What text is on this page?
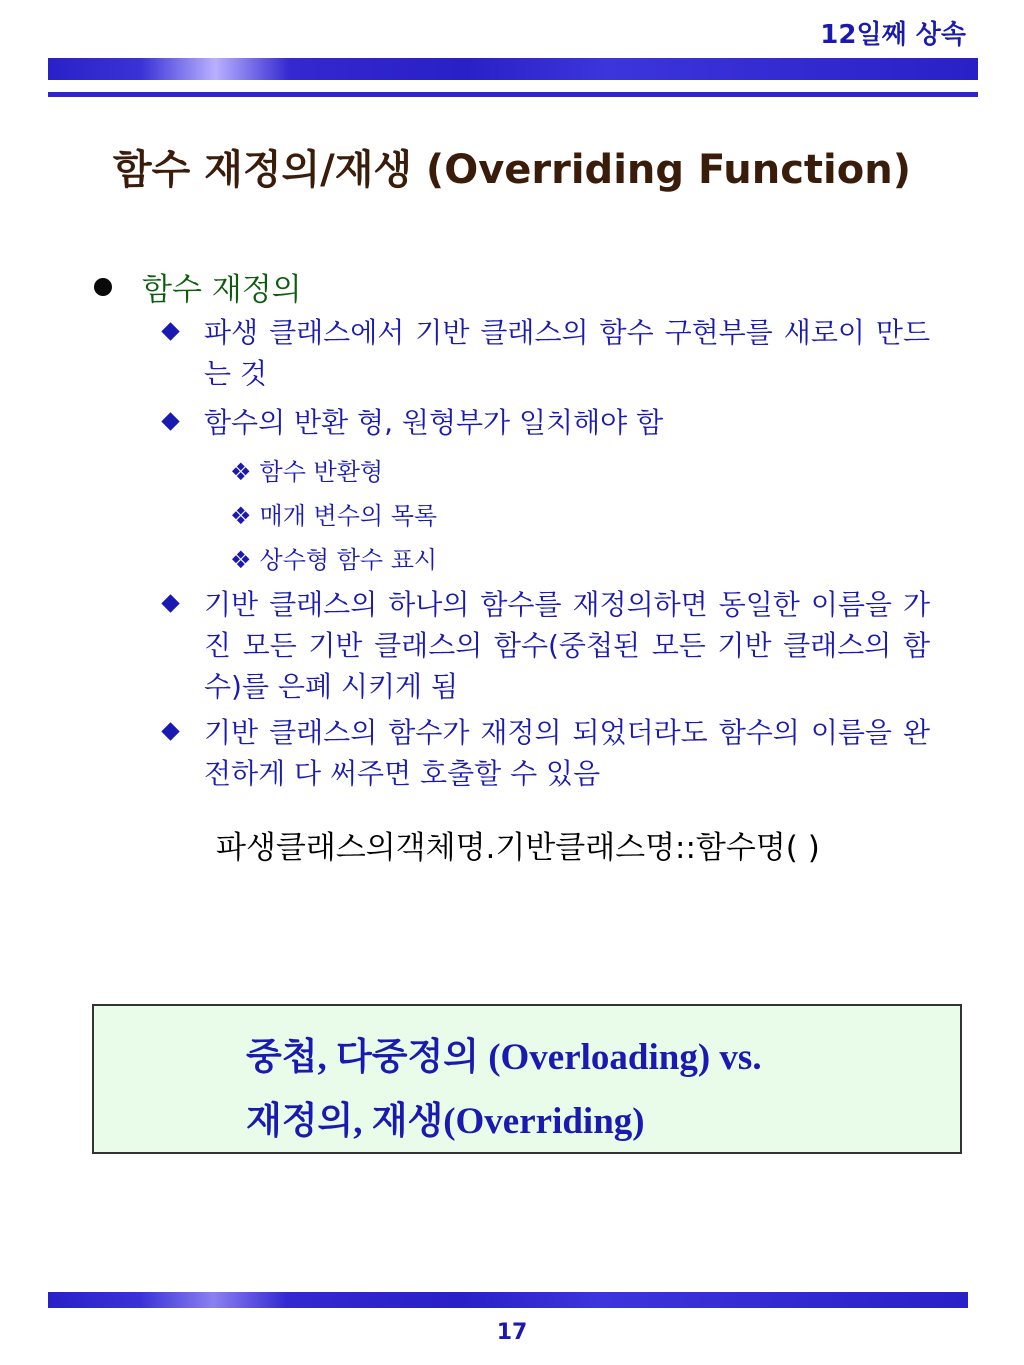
12일째 상속
함수 재정의/재생 (Overriding Function)
함수 재정의
파생 클래스에서 기반 클래스의 함수 구현부를 새로이 만드는 것
함수의 반환 형, 원형부가 일치해야 함
❖ 함수 반환형
❖ 매개 변수의 목록
❖ 상수형 함수 표시
기반 클래스의 하나의 함수를 재정의하면 동일한 이름을 가진 모든 기반 클래스의 함수(중첩된 모든 기반 클래스의 함수)를 은폐 시키게 됨
기반 클래스의 함수가 재정의 되었더라도 함수의 이름을 완전하게 다 써주면 호출할 수 있음
파생클래스의객체명.기반클래스명::함수명( )
중첩, 다중정의 (Overloading) vs.
재정의, 재생(Overriding)
17
